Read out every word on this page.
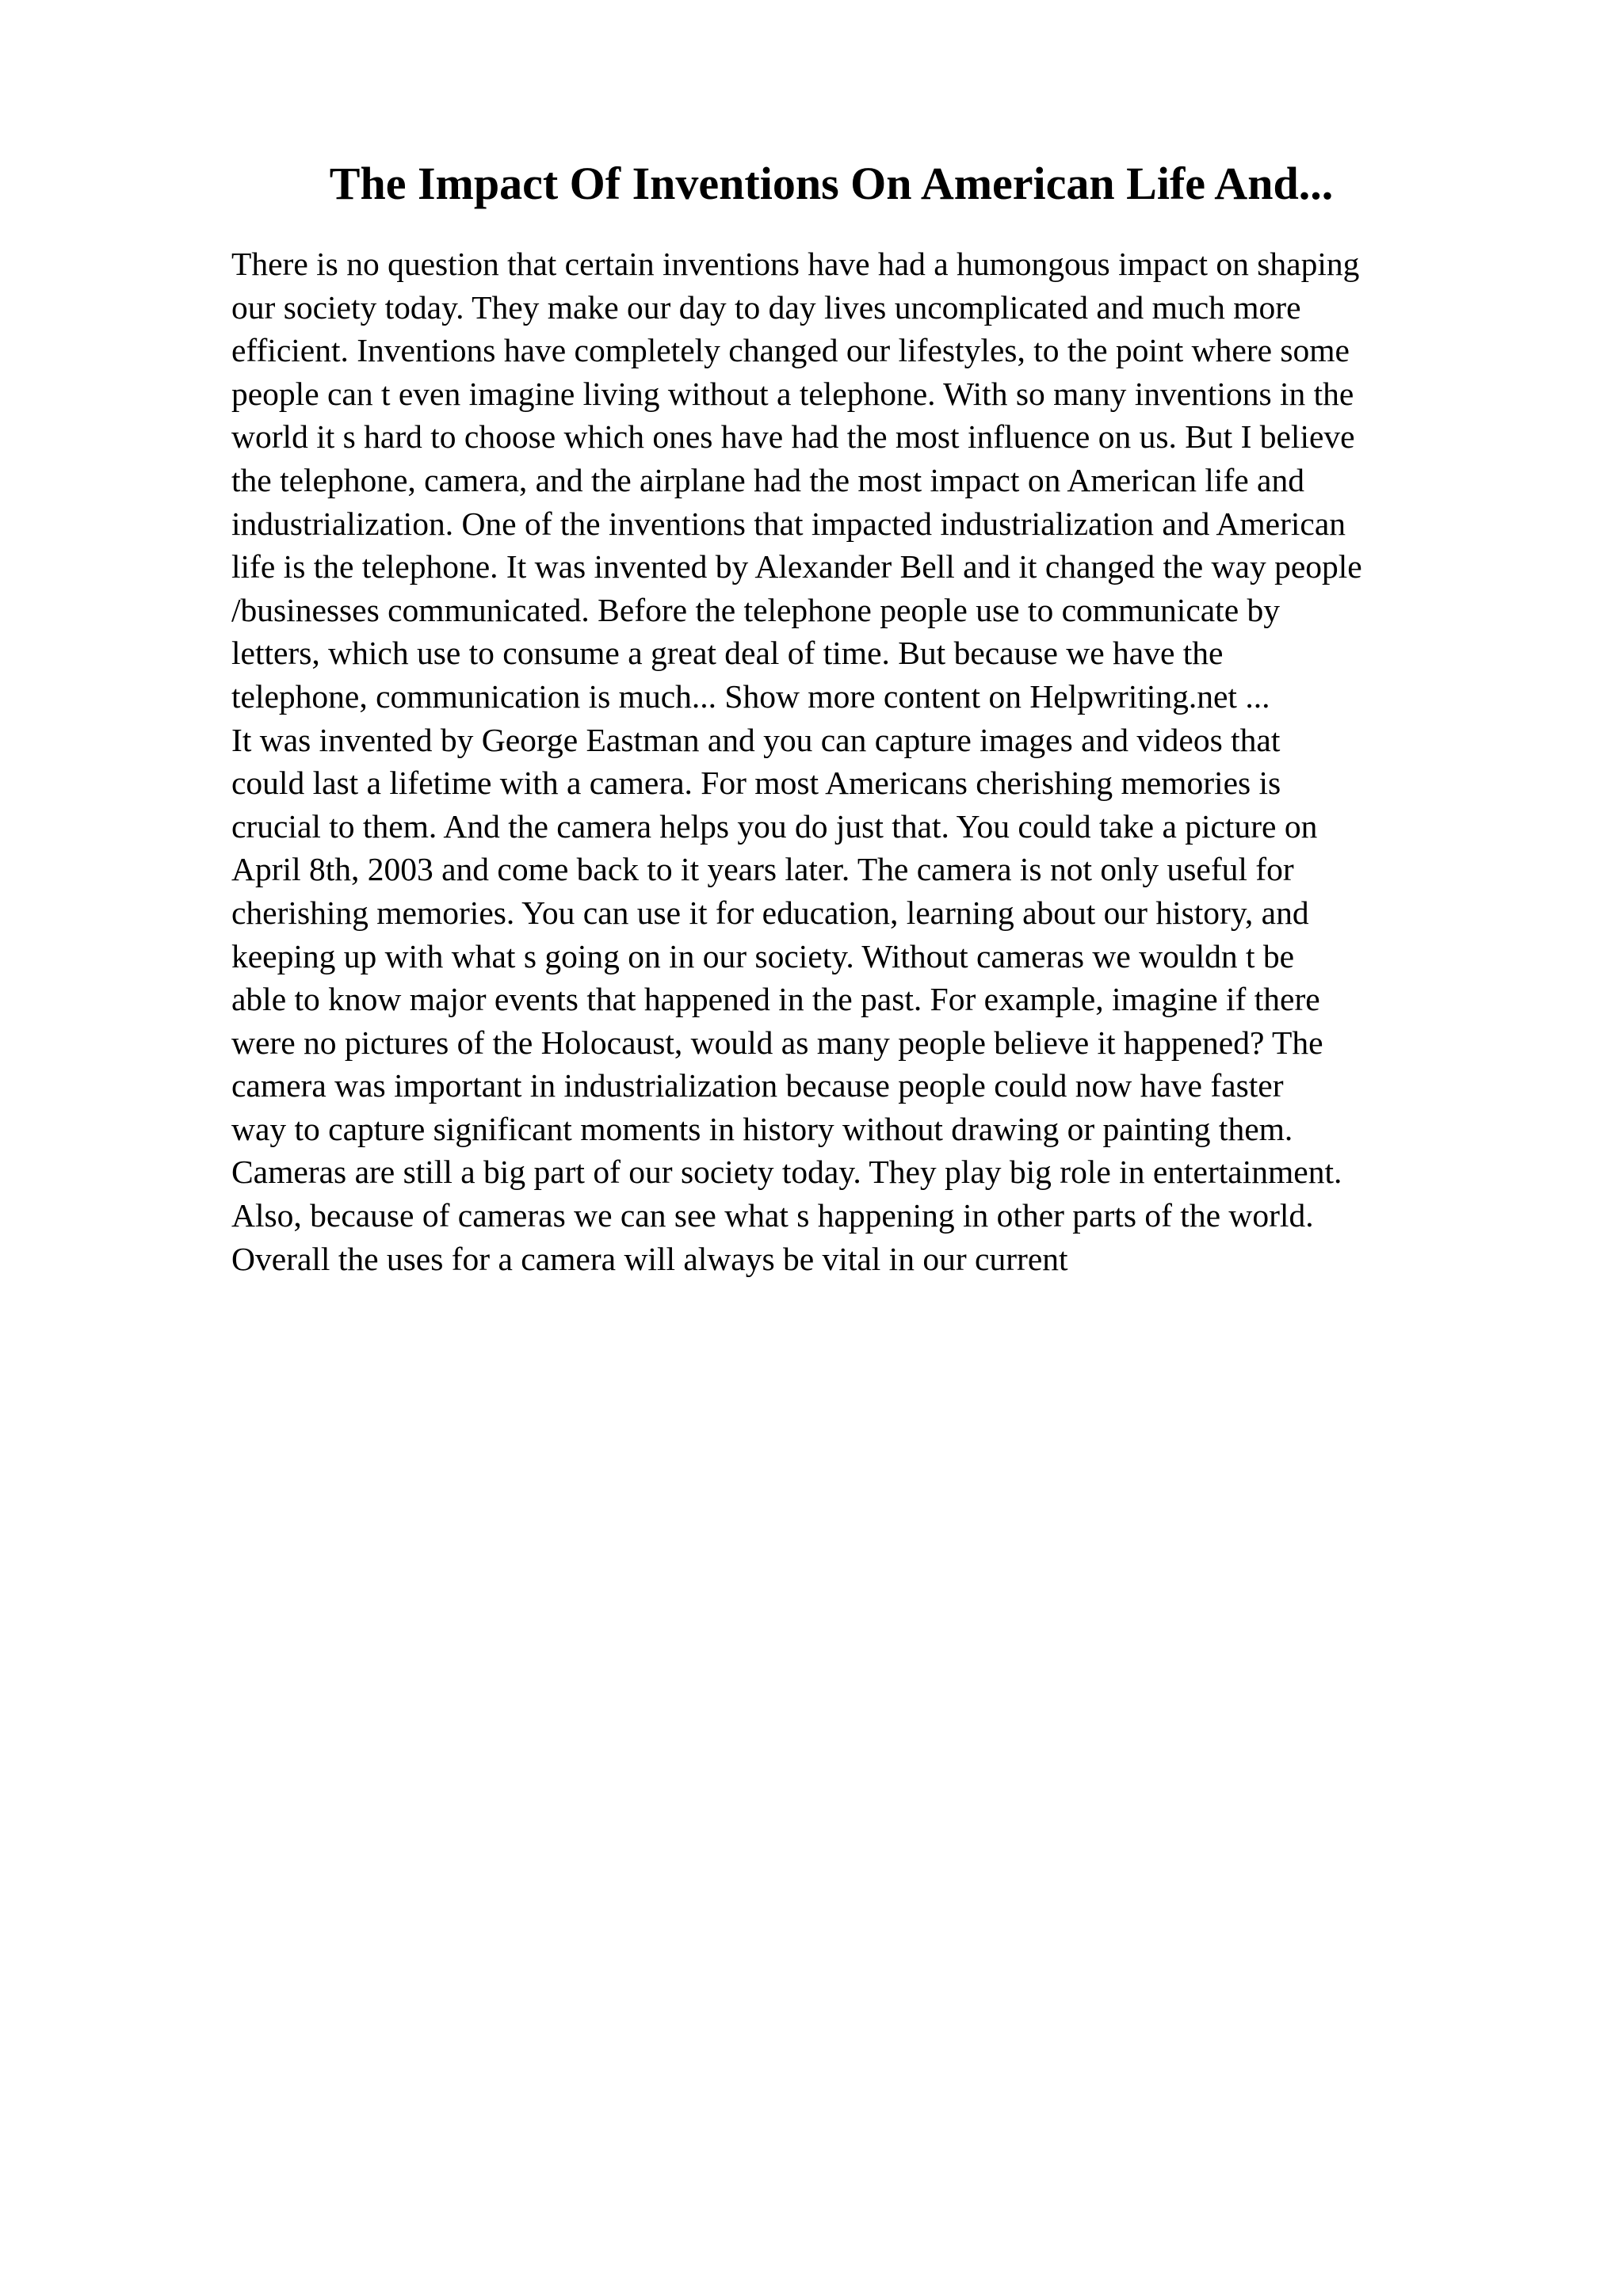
The Impact Of Inventions On American Life And...
There is no question that certain inventions have had a humongous impact on shaping
our society today. They make our day to day lives uncomplicated and much more
efficient. Inventions have completely changed our lifestyles, to the point where some
people can t even imagine living without a telephone. With so many inventions in the
world it s hard to choose which ones have had the most influence on us. But I believe
the telephone, camera, and the airplane had the most impact on American life and
industrialization. One of the inventions that impacted industrialization and American
life is the telephone. It was invented by Alexander Bell and it changed the way people
/businesses communicated. Before the telephone people use to communicate by
letters, which use to consume a great deal of time. But because we have the
telephone, communication is much... Show more content on Helpwriting.net ...
It was invented by George Eastman and you can capture images and videos that
could last a lifetime with a camera. For most Americans cherishing memories is
crucial to them. And the camera helps you do just that. You could take a picture on
April 8th, 2003 and come back to it years later. The camera is not only useful for
cherishing memories. You can use it for education, learning about our history, and
keeping up with what s going on in our society. Without cameras we wouldn t be
able to know major events that happened in the past. For example, imagine if there
were no pictures of the Holocaust, would as many people believe it happened? The
camera was important in industrialization because people could now have faster
way to capture significant moments in history without drawing or painting them.
Cameras are still a big part of our society today. They play big role in entertainment.
Also, because of cameras we can see what s happening in other parts of the world.
Overall the uses for a camera will always be vital in our current
